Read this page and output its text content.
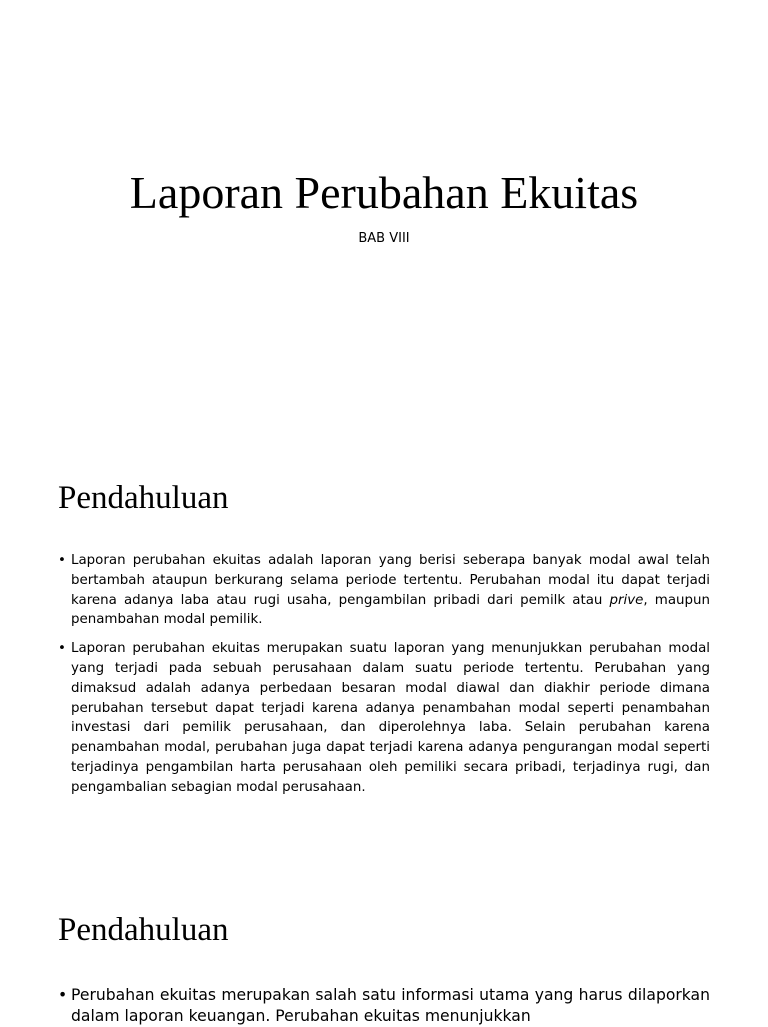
Laporan Perubahan Ekuitas

BAB VIII

Pendahuluan
• Laporan perubahan ekuitas adalah laporan yang berisi seberapa banyak modal awal telah bertambah ataupun berkurang selama periode tertentu. Perubahan modal itu dapat terjadi karena adanya laba atau rugi usaha, pengambilan pribadi dari pemilk atau prive, maupun penambahan modal pemilik.
• Laporan perubahan ekuitas merupakan suatu laporan yang menunjukkan perubahan modal yang terjadi pada sebuah perusahaan dalam suatu periode tertentu. Perubahan yang dimaksud adalah adanya perbedaan besaran modal diawal dan diakhir periode dimana perubahan tersebut dapat terjadi karena adanya penambahan modal seperti penambahan investasi dari pemilik perusahaan, dan diperolehnya laba. Selain perubahan karena penambahan modal, perubahan juga dapat terjadi karena adanya pengurangan modal seperti terjadinya pengambilan harta perusahaan oleh pemiliki secara pribadi, terjadinya rugi, dan pengambalian sebagian modal perusahaan.
Pendahuluan
• Perubahan ekuitas merupakan salah satu informasi utama yang harus dilaporkan dalam laporan keuangan. Perubahan ekuitas menunjukkan
